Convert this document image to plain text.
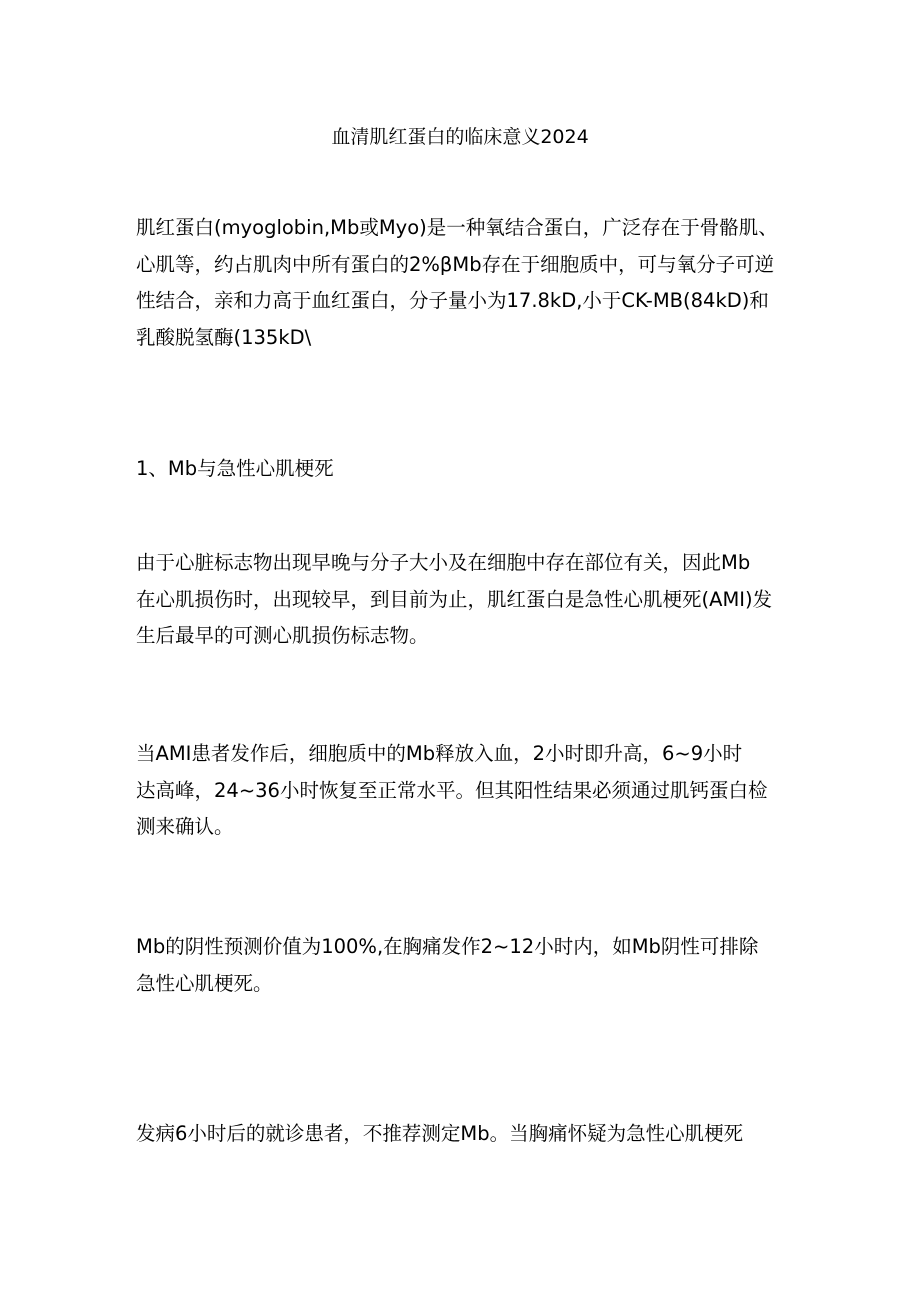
血清肌红蛋白的临床意义2024
肌红蛋白(myoglobin,Mb或Myo)是一种氧结合蛋白，广泛存在于骨骼肌、
心肌等，约占肌肉中所有蛋白的2%βMb存在于细胞质中，可与氧分子可逆
性结合，亲和力高于血红蛋白，分子量小为17.8kD,小于CK-MB(84kD)和
乳酸脱氢酶(135kD\
1、Mb与急性心肌梗死
由于心脏标志物出现早晚与分子大小及在细胞中存在部位有关，因此Mb
在心肌损伤时，出现较早，到目前为止，肌红蛋白是急性心肌梗死(AMI)发
生后最早的可测心肌损伤标志物。
当AMI患者发作后，细胞质中的Mb释放入血，2小时即升高，6~9小时
达高峰，24~36小时恢复至正常水平。但其阳性结果必须通过肌钙蛋白检
测来确认。
Mb的阴性预测价值为100%,在胸痛发作2~12小时内，如Mb阴性可排除
急性心肌梗死。
发病6小时后的就诊患者，不推荐测定Mb。当胸痛怀疑为急性心肌梗死
